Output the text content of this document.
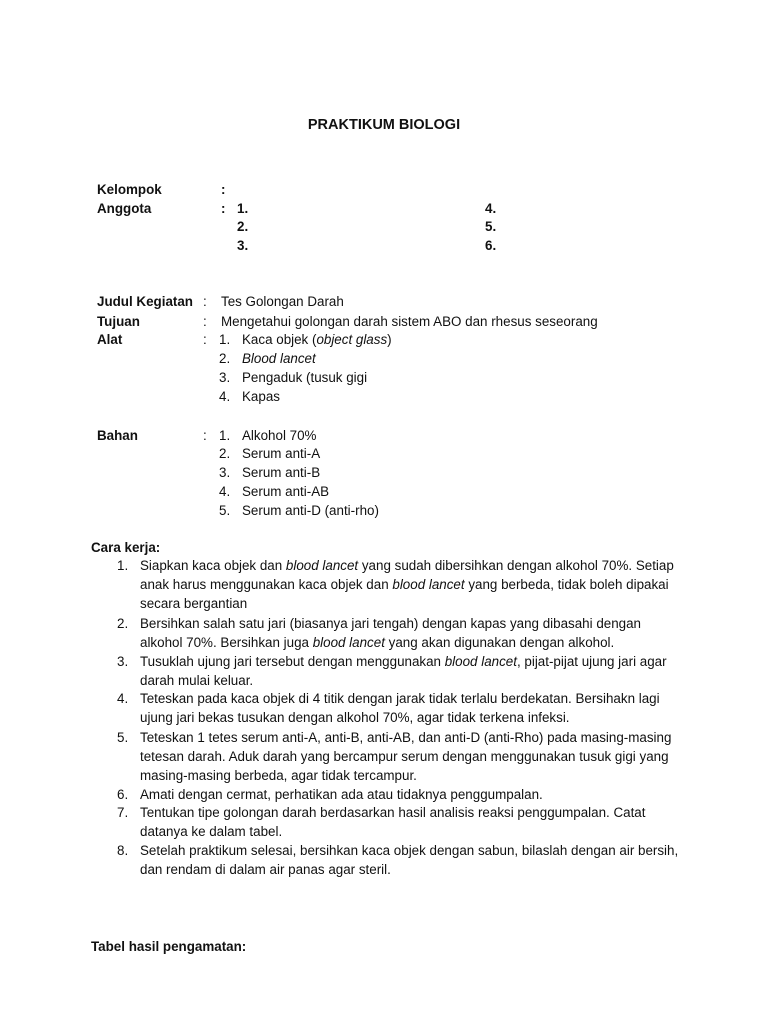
PRAKTIKUM BIOLOGI
Kelompok	:
Anggota	: 1.
2.
3.
4.
5.
6.
Judul Kegiatan : Tes Golongan Darah
Tujuan	: Mengetahui golongan darah sistem ABO dan rhesus seseorang
Alat	: 1. Kaca objek (object glass)
2. Blood lancet
3. Pengaduk (tusuk gigi
4. Kapas
Bahan	: 1. Alkohol 70%
2. Serum anti-A
3. Serum anti-B
4. Serum anti-AB
5. Serum anti-D (anti-rho)
Cara kerja:
1. Siapkan kaca objek dan blood lancet yang sudah dibersihkan dengan alkohol 70%. Setiap anak harus menggunakan kaca objek dan blood lancet yang berbeda, tidak boleh dipakai secara bergantian
2. Bersihkan salah satu jari (biasanya jari tengah) dengan kapas yang dibasahi dengan alkohol 70%. Bersihkan juga blood lancet yang akan digunakan dengan alkohol.
3. Tusuklah ujung jari tersebut dengan menggunakan blood lancet, pijat-pijat ujung jari agar darah mulai keluar.
4. Teteskan pada kaca objek di 4 titik dengan jarak tidak terlalu berdekatan. Bersihakn lagi ujung jari bekas tusukan dengan alkohol 70%, agar tidak terkena infeksi.
5. Teteskan 1 tetes serum anti-A, anti-B, anti-AB, dan anti-D (anti-Rho) pada masing-masing tetesan darah. Aduk darah yang bercampur serum dengan menggunakan tusuk gigi yang masing-masing berbeda, agar tidak tercampur.
6. Amati dengan cermat, perhatikan ada atau tidaknya penggumpalan.
7. Tentukan tipe golongan darah berdasarkan hasil analisis reaksi penggumpalan. Catat datanya ke dalam tabel.
8. Setelah praktikum selesai, bersihkan kaca objek dengan sabun, bilaslah dengan air bersih, dan rendam di dalam air panas agar steril.
Tabel hasil pengamatan:
